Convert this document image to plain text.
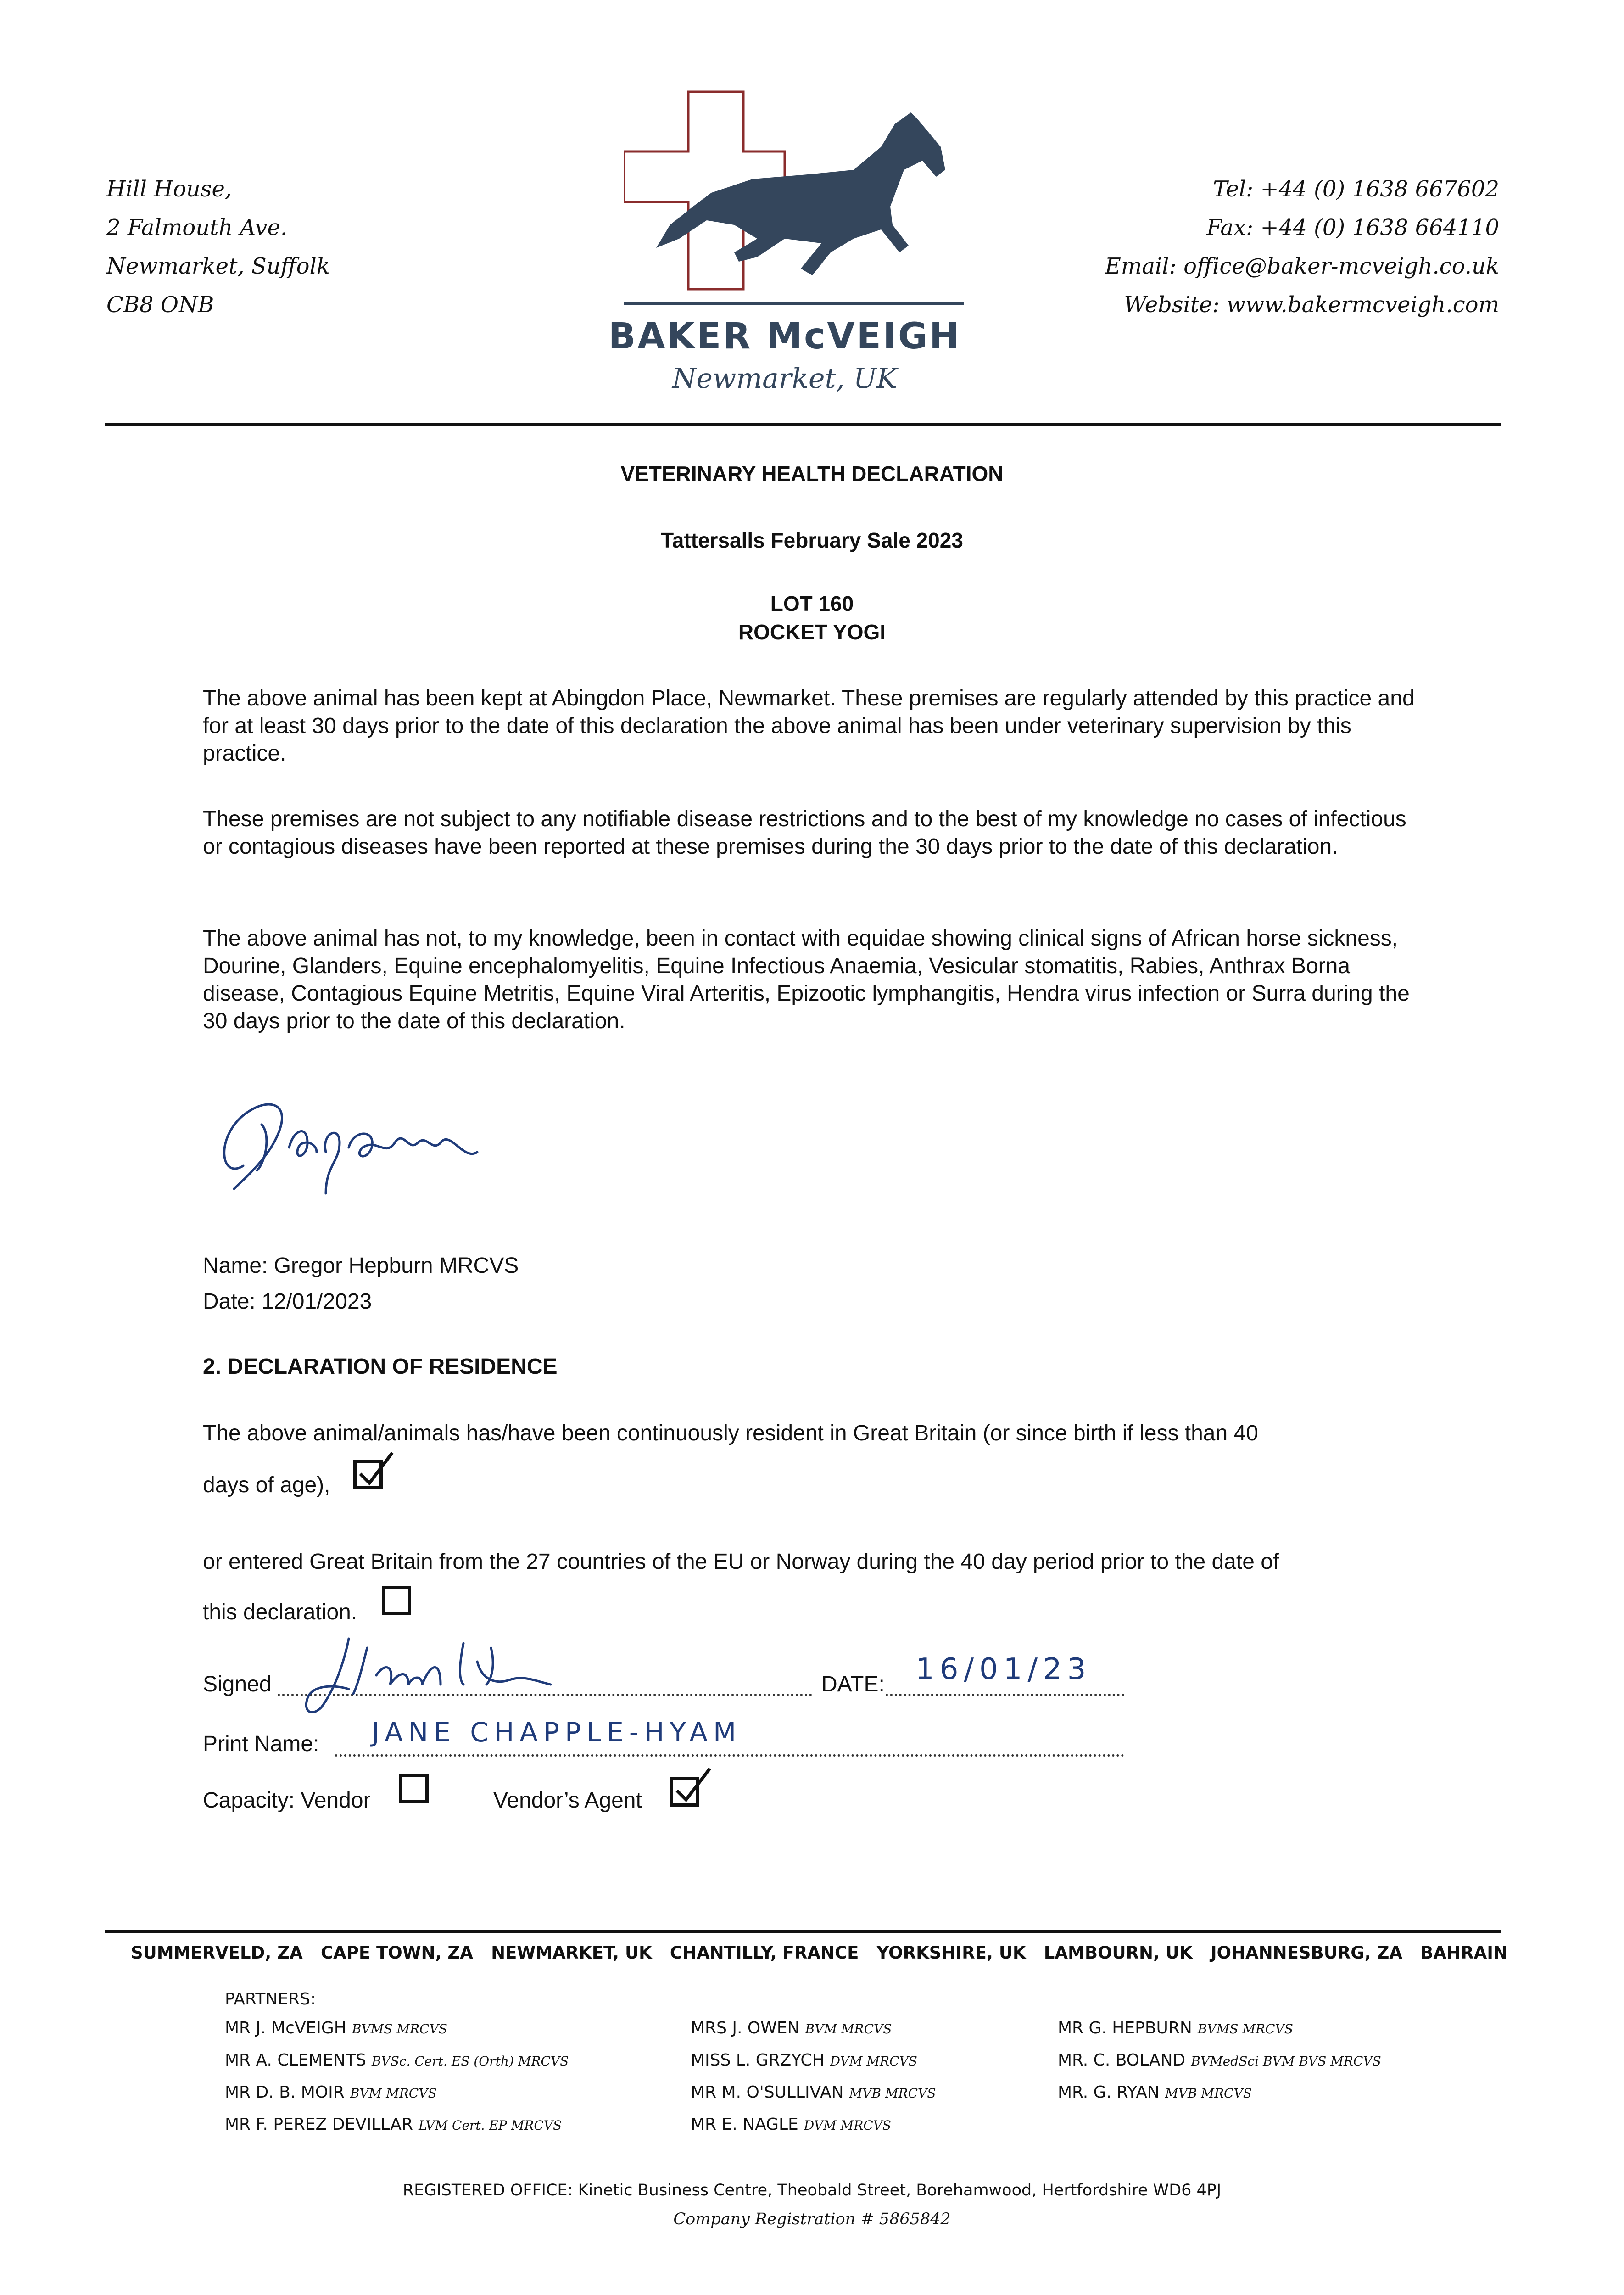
Hill House,
2 Falmouth Ave.
Newmarket, Suffolk
CB8 ONB
BAKER McVEIGH
Newmarket, UK
Tel: +44 (0) 1638 667602
Fax: +44 (0) 1638 664110
Email: office@baker-mcveigh.co.uk
Website: www.bakermcveigh.com
VETERINARY HEALTH DECLARATION
Tattersalls February Sale 2023
LOT 160
ROCKET YOGI
The above animal has been kept at Abingdon Place, Newmarket. These premises are regularly attended by this practice and for at least 30 days prior to the date of this declaration the above animal has been under veterinary supervision by this practice.
These premises are not subject to any notifiable disease restrictions and to the best of my knowledge no cases of infectious or contagious diseases have been reported at these premises during the 30 days prior to the date of this declaration.
The above animal has not, to my knowledge, been in contact with equidae showing clinical signs of African horse sickness, Dourine, Glanders, Equine encephalomyelitis, Equine Infectious Anaemia, Vesicular stomatitis, Rabies, Anthrax Borna disease, Contagious Equine Metritis, Equine Viral Arteritis, Epizootic lymphangitis, Hendra virus infection or Surra during the 30 days prior to the date of this declaration.
Name: Gregor Hepburn MRCVS
Date: 12/01/2023
2. DECLARATION OF RESIDENCE
The above animal/animals has/have been continuously resident in Great Britain (or since birth if less than 40
days of age),
or entered Great Britain from the 27 countries of the EU or Norway during the 40 day period prior to the date of
this declaration.
Signed	DATE: 16/01/23
Print Name: JANE CHAPPLE-HYAM
Capacity: Vendor	Vendor’s Agent
SUMMERVELD, ZA CAPE TOWN, ZA NEWMARKET, UK CHANTILLY, FRANCE YORKSHIRE, UK LAMBOURN, UK JOHANNESBURG, ZA BAHRAIN
PARTNERS:
MR J. McVEIGH BVMS MRCVS
MR A. CLEMENTS BVSc. Cert. ES (Orth) MRCVS
MR D. B. MOIR BVM MRCVS
MR F. PEREZ DEVILLAR LVM Cert. EP MRCVS
MRS J. OWEN BVM MRCVS
MISS L. GRZYCH DVM MRCVS
MR M. O'SULLIVAN MVB MRCVS
MR E. NAGLE DVM MRCVS
MR G. HEPBURN BVMS MRCVS
MR. C. BOLAND BVMedSci BVM BVS MRCVS
MR. G. RYAN MVB MRCVS
REGISTERED OFFICE: Kinetic Business Centre, Theobald Street, Borehamwood, Hertfordshire WD6 4PJ
Company Registration # 5865842
